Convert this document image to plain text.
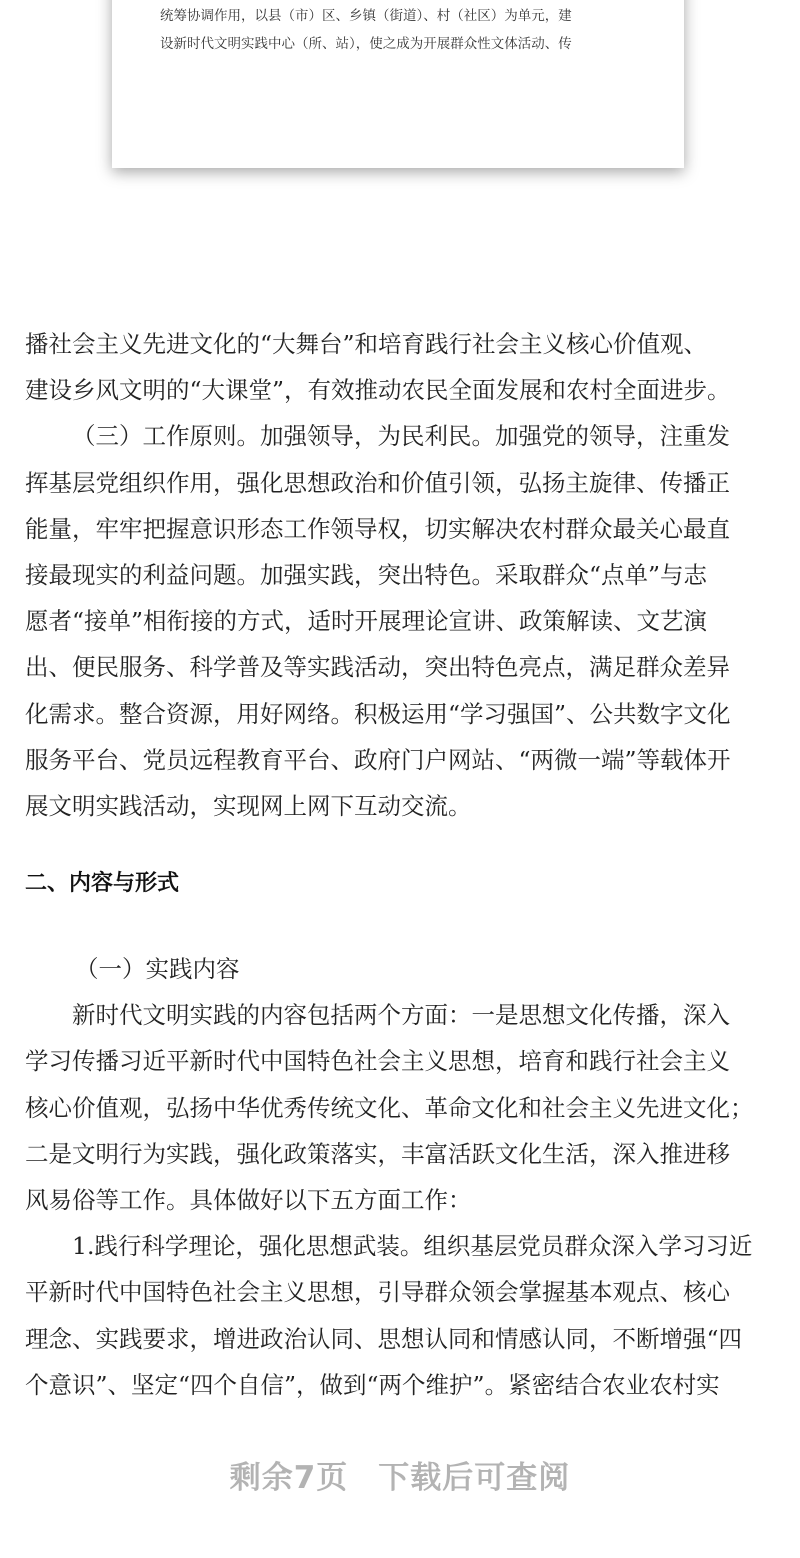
统筹协调作用，以县（市）区、乡镇（街道）、村（社区）为单元，建

设新时代文明实践中心（所、站），使之成为开展群众性文体活动、传

播社会主义先进文化的“大舞台”和培育践行社会主义核心价值观、
建设乡风文明的“大课堂”，有效推动农民全面发展和农村全面进步。

（三）工作原则。加强领导，为民利民。加强党的领导，注重发
挥基层党组织作用，强化思想政治和价值引领，弘扬主旋律、传播正
能量，牢牢把握意识形态工作领导权，切实解决农村群众最关心最直
接最现实的利益问题。加强实践，突出特色。采取群众“点单”与志
愿者“接单”相衔接的方式，适时开展理论宣讲、政策解读、文艺演
出、便民服务、科学普及等实践活动，突出特色亮点，满足群众差异
化需求。整合资源，用好网络。积极运用“学习强国”、公共数字文化
服务平台、党员远程教育平台、政府门户网站、“两微一端”等载体开
展文明实践活动，实现网上网下互动交流。

二、内容与形式
（一）实践内容

新时代文明实践的内容包括两个方面：一是思想文化传播，深入
学习传播习近平新时代中国特色社会主义思想，培育和践行社会主义
核心价值观，弘扬中华优秀传统文化、革命文化和社会主义先进文化；
二是文明行为实践，强化政策落实，丰富活跃文化生活，深入推进移
风易俗等工作。具体做好以下五方面工作：

1.践行科学理论，强化思想武装。组织基层党员群众深入学习习近
平新时代中国特色社会主义思想，引导群众领会掌握基本观点、核心
理念、实践要求，增进政治认同、思想认同和情感认同，不断增强“四
个意识”、坚定“四个自信”，做到“两个维护”。紧密结合农业农村实

剩余7页 下载后可查阅
